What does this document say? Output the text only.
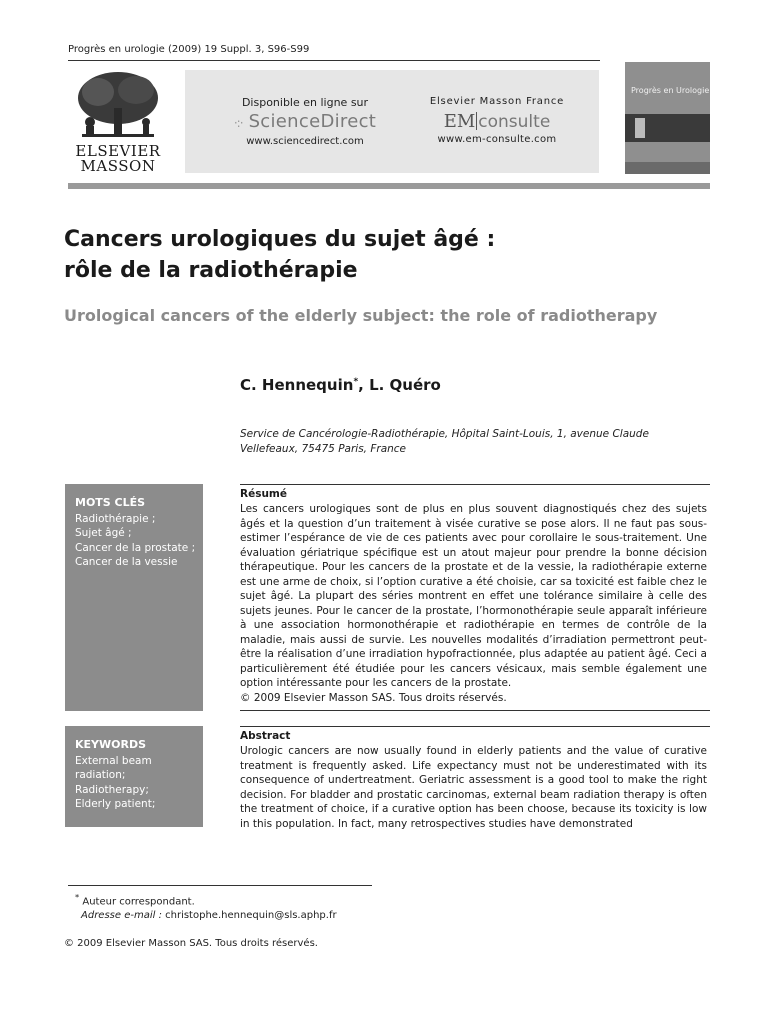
Progrès en urologie (2009) 19 Suppl. 3, S96-S99
ELSEVIER
MASSON
Disponible en ligne sur
·:· ScienceDirect
www.sciencedirect.com
Elsevier Masson France
EM consulte
www.em-consulte.com
Progrès en Urologie
Cancers urologiques du sujet âgé :
rôle de la radiothérapie
Urological cancers of the elderly subject: the role of radiotherapy
C. Hennequin*, L. Quéro
Service de Cancérologie-Radiothérapie, Hôpital Saint-Louis, 1, avenue Claude Vellefeaux, 75475 Paris, France
MOTS CLÉS
Radiothérapie ;
Sujet âgé ;
Cancer de la prostate ;
Cancer de la vessie
KEYWORDS
External beam radiation;
Radiotherapy;
Elderly patient;
Résumé
Les cancers urologiques sont de plus en plus souvent diagnostiqués chez des sujets âgés et la question d’un traitement à visée curative se pose alors. Il ne faut pas sous-estimer l’espérance de vie de ces patients avec pour corollaire le sous-traitement. Une évaluation gériatrique spécifique est un atout majeur pour prendre la bonne décision thérapeutique. Pour les cancers de la prostate et de la vessie, la radiothérapie externe est une arme de choix, si l’option curative a été choisie, car sa toxicité est faible chez le sujet âgé. La plupart des séries montrent en effet une tolérance similaire à celle des sujets jeunes. Pour le cancer de la prostate, l’hormonothérapie seule apparaît inférieure à une association hormonothérapie et radiothérapie en termes de contrôle de la maladie, mais aussi de survie. Les nouvelles modalités d’irradiation permettront peut-être la réalisation d’une irradiation hypofractionnée, plus adaptée au patient âgé. Ceci a particulièrement été étudiée pour les cancers vésicaux, mais semble également une option intéressante pour les cancers de la prostate.
© 2009 Elsevier Masson SAS. Tous droits réservés.
Abstract
Urologic cancers are now usually found in elderly patients and the value of curative treatment is frequently asked. Life expectancy must not be underestimated with its consequence of undertreatment. Geriatric assessment is a good tool to make the right decision. For bladder and prostatic carcinomas, external beam radiation therapy is often the treatment of choice, if a curative option has been choose, because its toxicity is low in this population. In fact, many retrospectives studies have demonstrated
* Auteur correspondant.
Adresse e-mail : christophe.hennequin@sls.aphp.fr
© 2009 Elsevier Masson SAS. Tous droits réservés.
